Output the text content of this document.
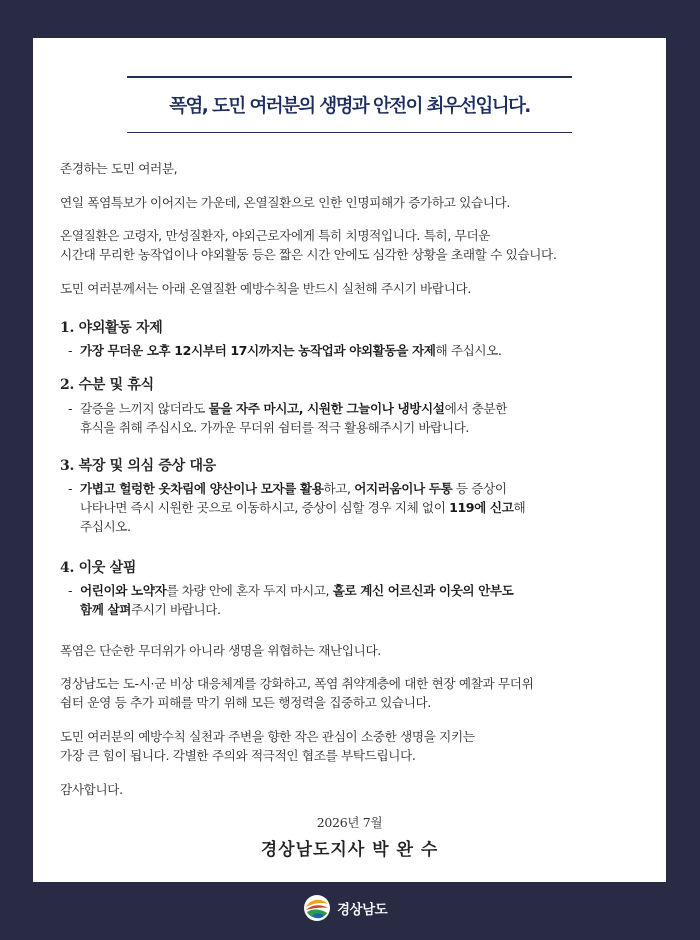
폭염, 도민 여러분의 생명과 안전이 최우선입니다.
존경하는 도민 여러분,
연일 폭염특보가 이어지는 가운데, 온열질환으로 인한 인명피해가 증가하고 있습니다.
온열질환은 고령자, 만성질환자, 야외근로자에게 특히 치명적입니다. 특히, 무더운
시간대 무리한 농작업이나 야외활동 등은 짧은 시간 안에도 심각한 상황을 초래할 수 있습니다.
도민 여러분께서는 아래 온열질환 예방수칙을 반드시 실천해 주시기 바랍니다.
1. 야외활동 자제
- 가장 무더운 오후 12시부터 17시까지는 농작업과 야외활동을 자제해 주십시오.
2. 수분 및 휴식
- 갈증을 느끼지 않더라도 물을 자주 마시고, 시원한 그늘이나 냉방시설에서 충분한
휴식을 취해 주십시오. 가까운 무더위 쉼터를 적극 활용해주시기 바랍니다.
3. 복장 및 의심 증상 대응
- 가볍고 헐렁한 옷차림에 양산이나 모자를 활용하고, 어지러움이나 두통 등 증상이
나타나면 즉시 시원한 곳으로 이동하시고, 증상이 심할 경우 지체 없이 119에 신고해
주십시오.
4. 이웃 살핌
- 어린이와 노약자를 차량 안에 혼자 두지 마시고, 홀로 계신 어르신과 이웃의 안부도
함께 살펴주시기 바랍니다.
폭염은 단순한 무더위가 아니라 생명을 위협하는 재난입니다.
경상남도는 도-시·군 비상 대응체계를 강화하고, 폭염 취약계층에 대한 현장 예찰과 무더위
쉼터 운영 등 추가 피해를 막기 위해 모든 행정력을 집중하고 있습니다.
도민 여러분의 예방수칙 실천과 주변을 향한 작은 관심이 소중한 생명을 지키는
가장 큰 힘이 됩니다. 각별한 주의와 적극적인 협조를 부탁드립니다.
감사합니다.
2026년 7월
경상남도지사 박 완 수
경상남도
